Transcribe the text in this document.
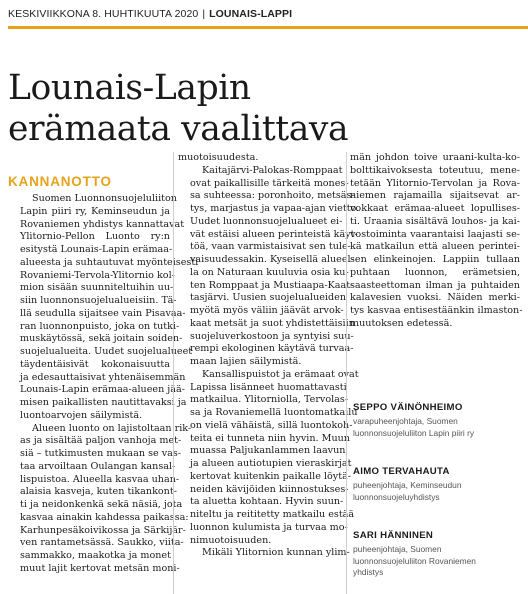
KESKIVIIKKONA 8. HUHTIKUUTA 2020 | LOUNAIS-LAPPI
Lounais-Lapin
erämaata vaalittava
KANNANOTTO

Suomen Luonnonsuojeluliiton
Lapin piiri ry, Keminseudun ja
Rovaniemen yhdistys kannattavat
Ylitornio-Pellon Luonto ry:n
esitystä Lounais-Lapin erämaa-
alueesta ja suhtautuvat myönteisesti
Rovaniemi-Tervola-Ylitornio kol-
mion sisään suunniteltuihin uu-
siin luonnonsuojelualueisiin. Tä-
llä seudulla sijaitsee vain Pisavaa-
ran luonnonpuisto, joka on tutki-
muskäytössä, sekä joitain soiden-
suojelualueita. Uudet suojelualueet
täydentäisivät kokonaisuutta
ja edesauttaisivat yhtenäisemmän
Lounais-Lapin erämaa-alueen jää-
misen paikallisten nautittavaksi ja
luontoarvojen säilymistä.

Alueen luonto on lajistoltaan rik-
as ja sisältää paljon vanhoja met-
siä – tutkimusten mukaan se vas-
taa arvoiltaan Oulangan kansal-
lispuistoa. Alueella kasvaa uhan-
alaisia kasveja, kuten tikankont-
ti ja neidonkenkä sekä näsiä, jota
kasvaa ainakin kahdessa paikassa:
Karhunpesäkoivikossa ja Särkijär-
ven rantametsässä. Saukko, viita-
sammakko, maakotka ja monet
muut lajit kertovat metsän moni-

muotoisuudesta.

Kaitajärvi-Palokas-Romppaat
ovat paikallisille tärkeitä mones-
sa suhteessa: poronhoito, metsäs-
tys, marjastus ja vapaa-ajan vietto.
Uudet luonnonsuojelualueet ei-
vät estäisi alueen perinteistä käyt-
töä, vaan varmistaisivat sen tule-
vaisuudessakin. Kyseisellä alueel-
la on Naturaan kuuluvia osia ku-
ten Romppaat ja Mustiaapa-Kaat-
tasjärvi. Uusien suojelualueiden
myötä myös väliin jäävät arvok-
kaat metsät ja suot yhdistettäisiin
suojeluverkostoon ja syntyisi suu-
rempi ekologinen käytävä turvaa-
maan lajien säilymistä.

Kansallispuistot ja erämaat ovat
Lapissa lisänneet huomattavasti
matkailua. Ylitorniolla, Tervolas-
sa ja Rovaniemellä luontomatkailu
on vielä vähäistä, sillä luontokoh-
teita ei tunneta niin hyvin. Muun
muassa Paljukanlammen laavun
ja alueen autiotupien vieraskirjat
kertovat kuitenkin paikalle löytä-
neiden kävijöiden kiinnostukses-
ta aluetta kohtaan. Hyvin suun-
niteltu ja reititetty matkailu estää
luonnon kulumista ja turvaa mo-
nimuotoisuuden.

Mikäli Ylitornion kunnan ylim-

män johdon toive uraani-kulta-ko-
bolttikaivoksesta toteutuu, mene-
tetään Ylitornio-Tervolan ja Rova-
niemen rajamailla sijaitsevat ar-
vokkaat erämaa-alueet lopullises-
ti. Uraania sisältävä louhos- ja kai-
vostoiminta vaarantaisi laajasti se-
kä matkailun että alueen perintei-
sen elinkeinojen. Lappiin tullaan
puhtaan luonnon, erämetsien,
saasteettoman ilman ja puhtaiden
kalavesien vuoksi. Näiden merki-
tys kasvaa entisestäänkin ilmaston-
muutoksen edetessä.

SEPPO VÄINÖNHEIMO
varapuheenjohtaja, Suomen
luonnonsuojeluliiton Lapin piiri ry
AIMO TERVAHAUTA
puheenjohtaja, Keminseudun
luonnonsuojeluyhdistys
SARI HÄNNINEN
puheenjohtaja, Suomen
luonnonsuojeluliiton Rovaniemen
yhdistys
